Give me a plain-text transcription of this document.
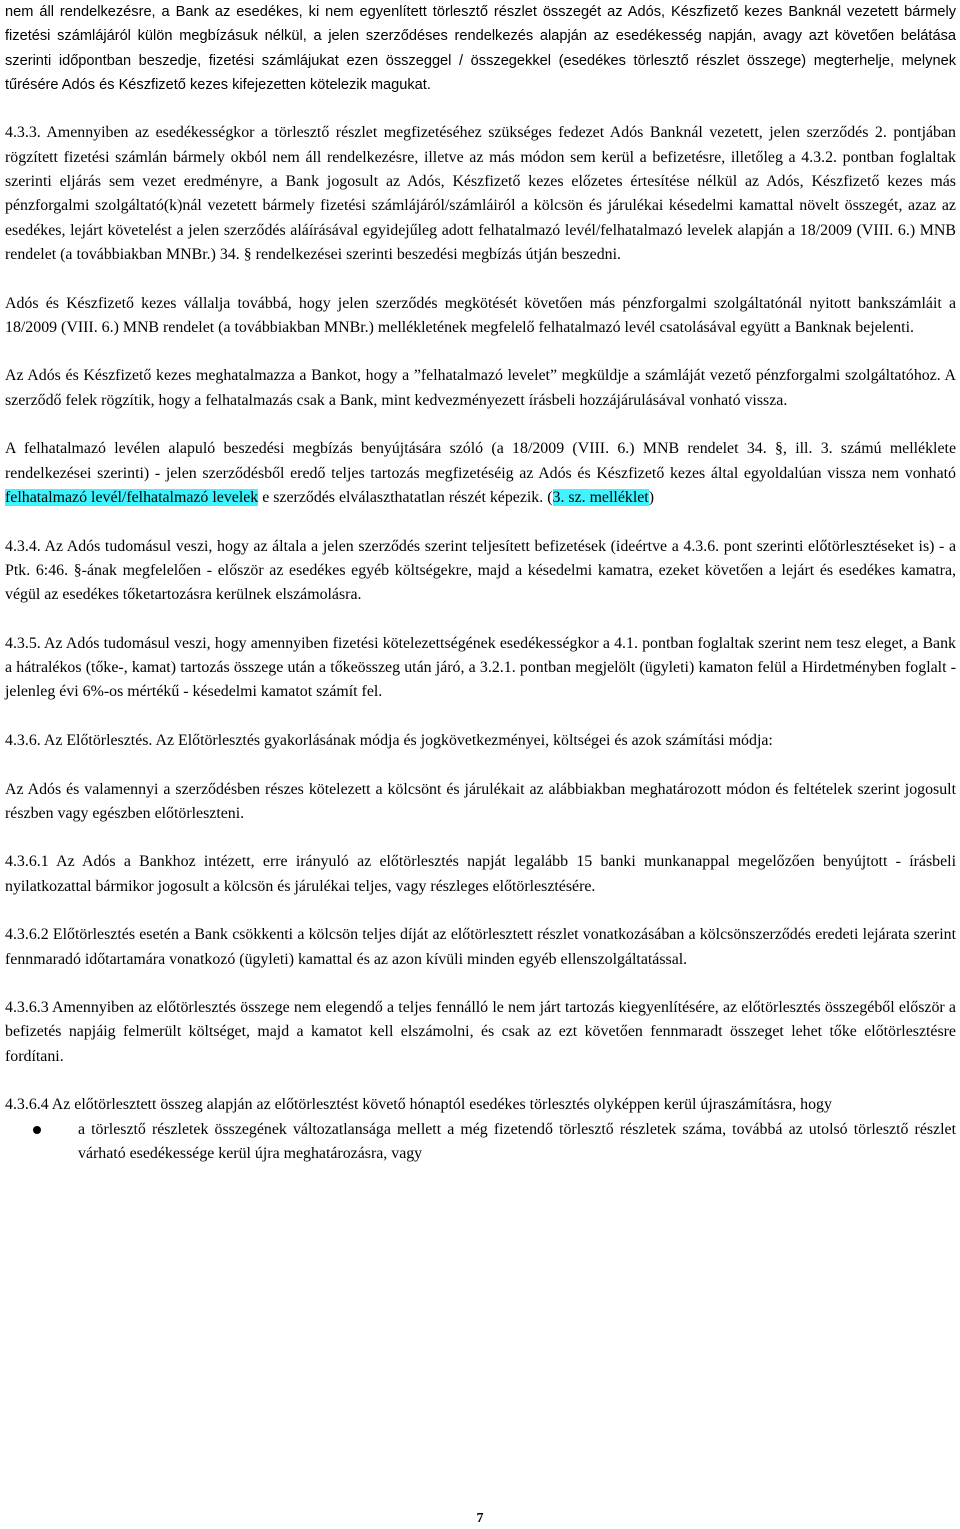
nem áll rendelkezésre, a Bank az esedékes, ki nem egyenlített törlesztő részlet összegét az Adós, Készfizető kezes Banknál vezetett bármely fizetési számlájáról külön megbízásuk nélkül, a jelen szerződéses rendelkezés alapján az esedékesség napján, avagy azt követően belátása szerinti időpontban beszedje, fizetési számlájukat ezen összeggel / összegekkel (esedékes törlesztő részlet összege) megterhelje, melynek tűrésére Adós és Készfizető kezes kifejezetten kötelezik magukat.

4.3.3. Amennyiben az esedékességkor a törlesztő részlet megfizetéséhez szükséges fedezet Adós Banknál vezetett, jelen szerződés 2. pontjában rögzített fizetési számlán bármely okból nem áll rendelkezésre, illetve az más módon sem kerül a befizetésre, illetőleg a 4.3.2. pontban foglaltak szerinti eljárás sem vezet eredményre, a Bank jogosult az Adós, Készfizető kezes előzetes értesítése nélkül az Adós, Készfizető kezes más pénzforgalmi szolgáltató(k)nál vezetett bármely fizetési számlájáról/számláiról a kölcsön és járulékai késedelmi kamattal növelt összegét, azaz az esedékes, lejárt követelést a jelen szerződés aláírásával egyidejűleg adott felhatalmazó levél/felhatalmazó levelek alapján a 18/2009 (VIII. 6.) MNB rendelet (a továbbiakban MNBr.) 34. § rendelkezései szerinti beszedési megbízás útján beszedni.

Adós és Készfizető kezes vállalja továbbá, hogy jelen szerződés megkötését követően más pénzforgalmi szolgáltatónál nyitott bankszámláit a 18/2009 (VIII. 6.) MNB rendelet (a továbbiakban MNBr.) mellékletének megfelelő felhatalmazó levél csatolásával együtt a Banknak bejelenti.

Az Adós és Készfizető kezes meghatalmazza a Bankot, hogy a ”felhatalmazó levelet” megküldje a számláját vezető pénzforgalmi szolgáltatóhoz. A szerződő felek rögzítik, hogy a felhatalmazás csak a Bank, mint kedvezményezett írásbeli hozzájárulásával vonható vissza.

A felhatalmazó levélen alapuló beszedési megbízás benyújtására szóló (a 18/2009 (VIII. 6.) MNB rendelet 34. §, ill. 3. számú melléklete rendelkezései szerinti) - jelen szerződésből eredő teljes tartozás megfizetéséig az Adós és Készfizető kezes által egyoldalúan vissza nem vonható felhatalmazó levél/felhatalmazó levelek e szerződés elválaszthatatlan részét képezik. (3. sz. melléklet)

4.3.4. Az Adós tudomásul veszi, hogy az általa a jelen szerződés szerint teljesített befizetések (ideértve a 4.3.6. pont szerinti előtörlesztéseket is) - a Ptk. 6:46. §-ának megfelelően - először az esedékes egyéb költségekre, majd a késedelmi kamatra, ezeket követően a lejárt és esedékes kamatra, végül az esedékes tőketartozásra kerülnek elszámolásra.

4.3.5. Az Adós tudomásul veszi, hogy amennyiben fizetési kötelezettségének esedékességkor a 4.1. pontban foglaltak szerint nem tesz eleget, a Bank a hátralékos (tőke-, kamat) tartozás összege után a tőkeösszeg után járó, a 3.2.1. pontban megjelölt (ügyleti) kamaton felül a Hirdetményben foglalt - jelenleg évi 6%-os mértékű - késedelmi kamatot számít fel.

4.3.6. Az Előtörlesztés. Az Előtörlesztés gyakorlásának módja és jogkövetkezményei, költségei és azok számítási módja:

Az Adós és valamennyi a szerződésben részes kötelezett a kölcsönt és járulékait az alábbiakban meghatározott módon és feltételek szerint jogosult részben vagy egészben előtörleszteni.

4.3.6.1 Az Adós a Bankhoz intézett, erre irányuló az előtörlesztés napját legalább 15 banki munkanappal megelőzően benyújtott - írásbeli nyilatkozattal bármikor jogosult a kölcsön és járulékai teljes, vagy részleges előtörlesztésére.

4.3.6.2 Előtörlesztés esetén a Bank csökkenti a kölcsön teljes díját az előtörlesztett részlet vonatkozásában a kölcsönszerződés eredeti lejárata szerint fennmaradó időtartamára vonatkozó (ügyleti) kamattal és az azon kívüli minden egyéb ellenszolgáltatással.

4.3.6.3 Amennyiben az előtörlesztés összege nem elegendő a teljes fennálló le nem járt tartozás kiegyenlítésére, az előtörlesztés összegéből először a befizetés napjáig felmerült költséget, majd a kamatot kell elszámolni, és csak az ezt követően fennmaradt összeget lehet tőke előtörlesztésre fordítani.

4.3.6.4 Az előtörlesztett összeg alapján az előtörlesztést követő hónaptól esedékes törlesztés olyképpen kerül újraszámításra, hogy

a törlesztő részletek összegének változatlansága mellett a még fizetendő törlesztő részletek száma, továbbá az utolsó törlesztő részlet várható esedékessége kerül újra meghatározásra, vagy
7
